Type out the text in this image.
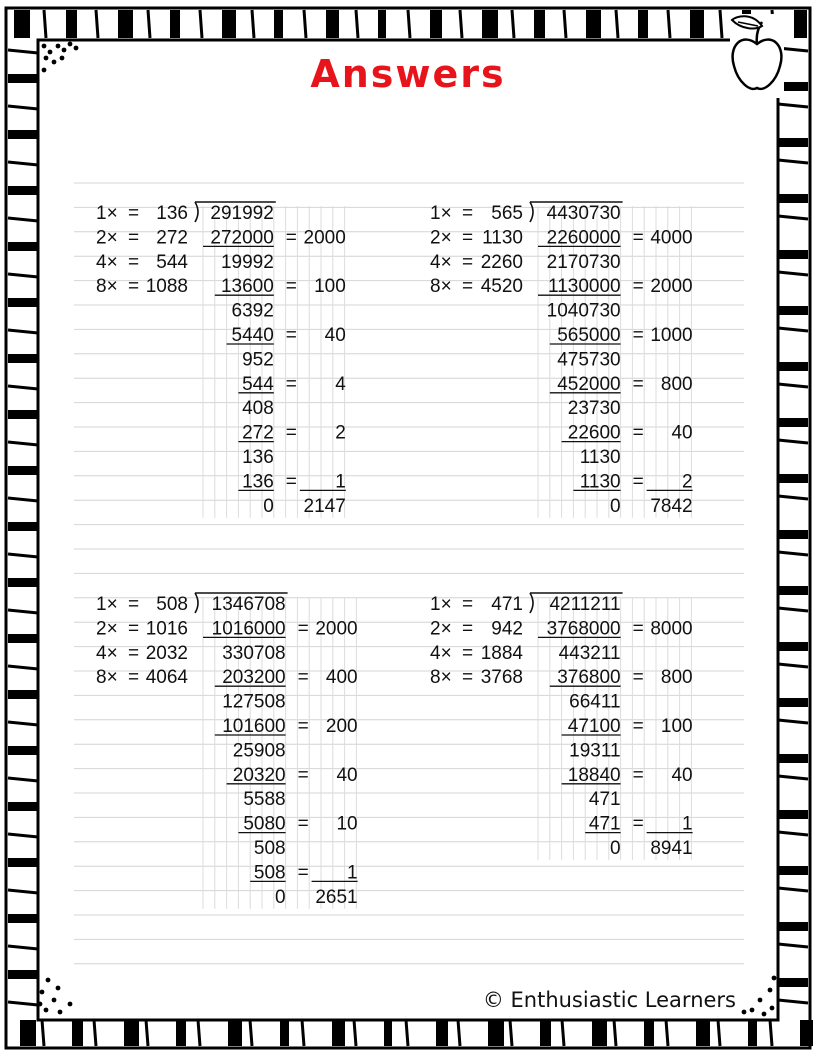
Answers
1× = 136
2× = 272
4× = 544
8× = 1088
291992
272000 = 2000
19992
13600 = 100
6392
5440 = 40
952
544 = 4
408
272 = 2
136
136 = 1
0 2147
1× = 565
2× = 1130
4× = 2260
8× = 4520
4430730
2260000 = 4000
2170730
1130000 = 2000
1040730
565000 = 1000
475730
452000 = 800
23730
22600 = 40
1130
1130 = 2
0 7842
1× = 508
2× = 1016
4× = 2032
8× = 4064
1346708
1016000 = 2000
330708
203200 = 400
127508
101600 = 200
25908
20320 = 40
5588
5080 = 10
508
508 = 1
0 2651
1× = 471
2× = 942
4× = 1884
8× = 3768
4211211
3768000 = 8000
443211
376800 = 800
66411
47100 = 100
19311
18840 = 40
471
471 = 1
0 8941
© Enthusiastic Learners
